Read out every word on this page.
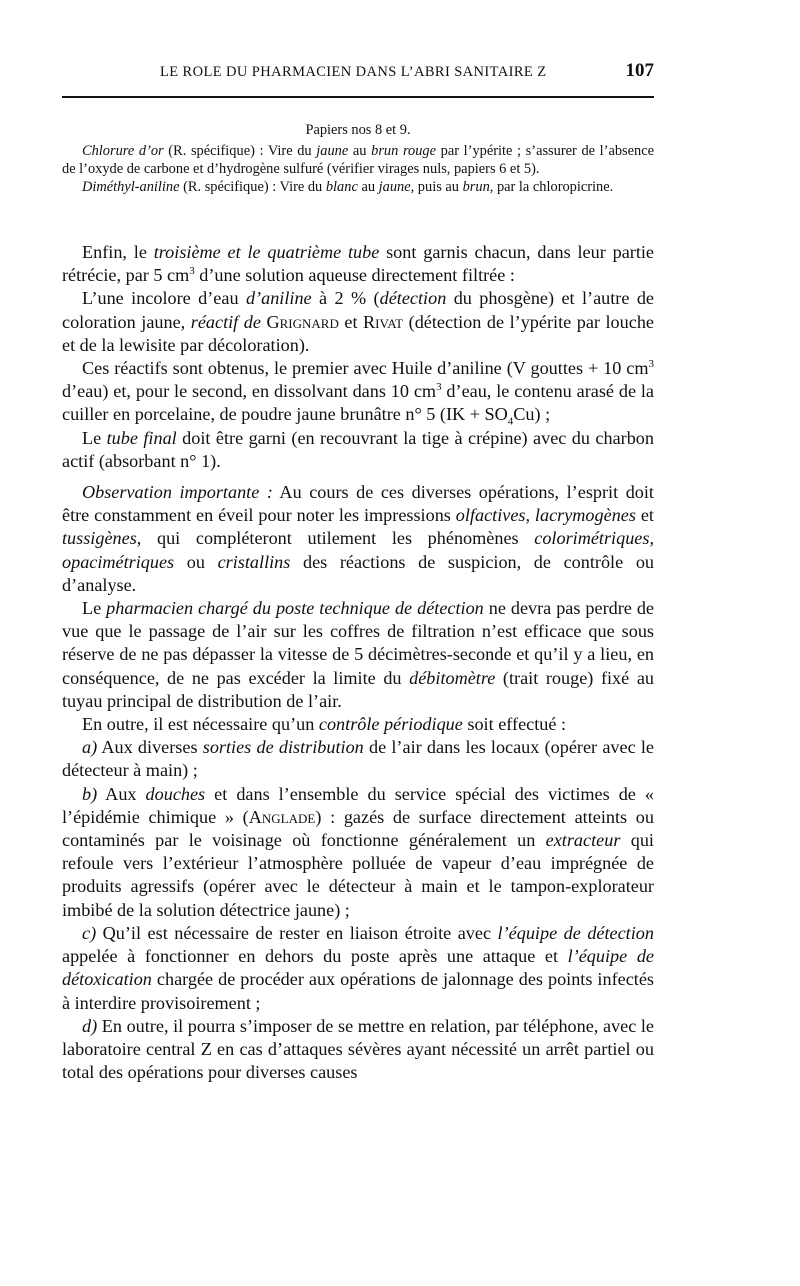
LE ROLE DU PHARMACIEN DANS L’ABRI SANITAIRE Z	107

Papiers nos 8 et 9.

Chlorure d’or (R. spécifique) : Vire du jaune au brun rouge par l’ypérite ; s’assurer de l’absence de l’oxyde de carbone et d’hydrogène sulfuré (vérifier virages nuls, papiers 6 et 5).

Diméthyl-aniline (R. spécifique) : Vire du blanc au jaune, puis au brun, par la chloropicrine.

Enfin, le troisième et le quatrième tube sont garnis chacun, dans leur partie rétrécie, par 5 $cm^3$ d’une solution aqueuse directement filtrée :

L’une incolore d’eau d’aniline à 2 % (détection du phosgène) et l’autre de coloration jaune, réactif de Grignard et Rivat (détection de l’ypérite par louche et de la lewisite par décoloration).

Ces réactifs sont obtenus, le premier avec Huile d’aniline (V gouttes + 10 $cm^3$ d’eau) et, pour le second, en dissolvant dans 10 $cm^3$ d’eau, le contenu arasé de la cuiller en porcelaine, de poudre jaune brunâtre n° 5 $(IK + SO_4Cu)$ ;

Le tube final doit être garni (en recouvrant la tige à crépine) avec du charbon actif (absorbant n° 1).

Observation importante : Au cours de ces diverses opérations, l’esprit doit être constamment en éveil pour noter les impressions olfactives, lacrymogènes et tussigènes, qui compléteront utilement les phénomènes colorimétriques, opacimétriques ou cristallins des réactions de suspicion, de contrôle ou d’analyse.

Le pharmacien chargé du poste technique de détection ne devra pas perdre de vue que le passage de l’air sur les coffres de filtration n’est efficace que sous réserve de ne pas dépasser la vitesse de 5 décimètres-seconde et qu’il y a lieu, en conséquence, de ne pas excéder la limite du débitomètre (trait rouge) fixé au tuyau principal de distribution de l’air.

En outre, il est nécessaire qu’un contrôle périodique soit effectué :

a) Aux diverses sorties de distribution de l’air dans les locaux (opérer avec le détecteur à main) ;

b) Aux douches et dans l’ensemble du service spécial des victimes de « l’épidémie chimique » (Anglade) : gazés de surface directement atteints ou contaminés par le voisinage où fonctionne généralement un extracteur qui refoule vers l’extérieur l’atmosphère polluée de vapeur d’eau imprégnée de produits agressifs (opérer avec le détecteur à main et le tampon-explorateur imbibé de la solution détectrice jaune) ;

c) Qu’il est nécessaire de rester en liaison étroite avec l’équipe de détection appelée à fonctionner en dehors du poste après une attaque et l’équipe de détoxication chargée de procéder aux opérations de jalonnage des points infectés à interdire provisoirement ;

d) En outre, il pourra s’imposer de se mettre en relation, par téléphone, avec le laboratoire central Z en cas d’attaques sévères ayant nécessité un arrêt partiel ou total des opérations pour diverses causes
